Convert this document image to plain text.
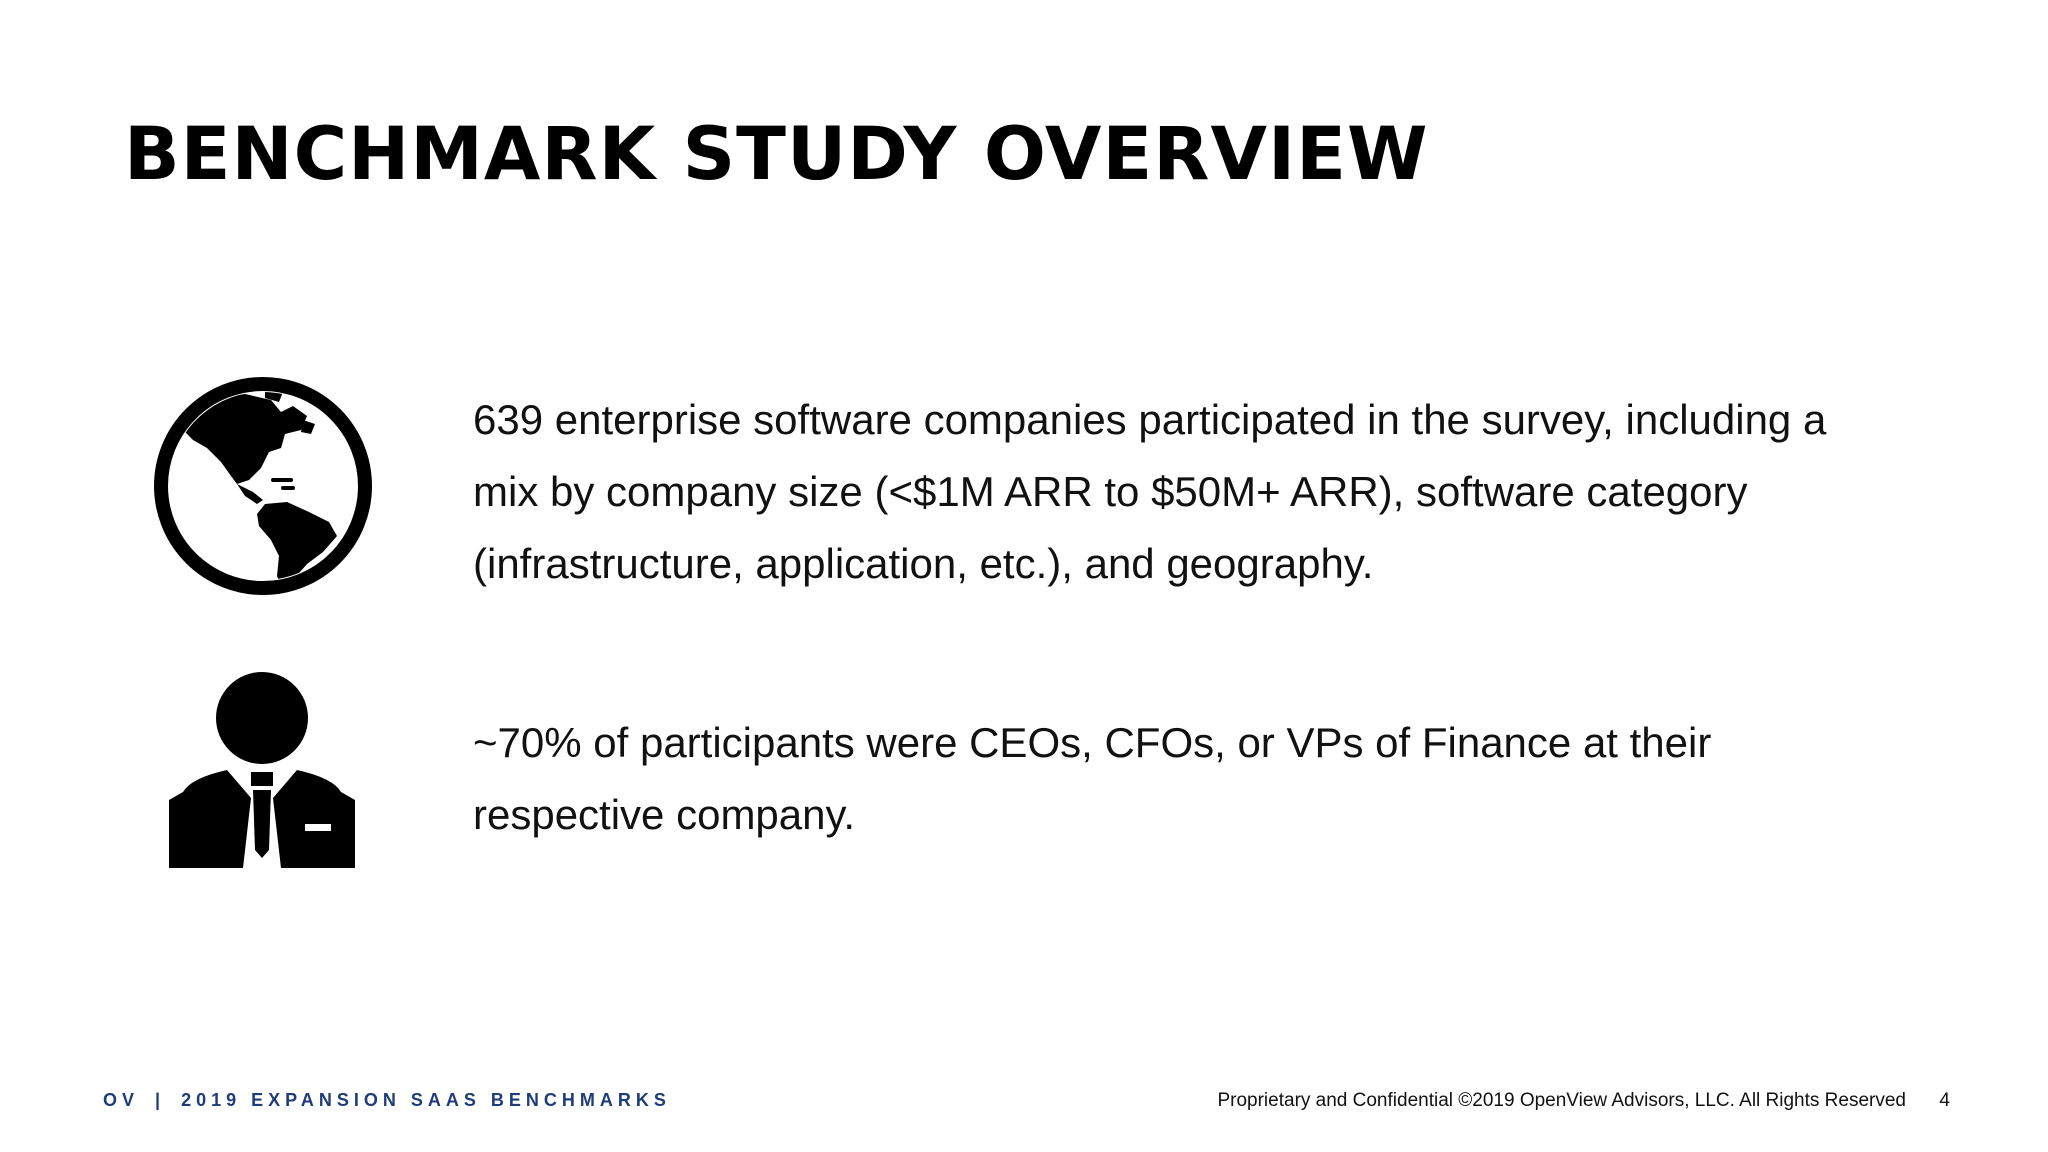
BENCHMARK STUDY OVERVIEW

639 enterprise software companies participated in the survey, including a mix by company size (<$1M ARR to $50M+ ARR), software category (infrastructure, application, etc.), and geography.

~70% of participants were CEOs, CFOs, or VPs of Finance at their respective company.

OV | 2019 EXPANSION SAAS BENCHMARKS	Proprietary and Confidential ©2019 OpenView Advisors, LLC. All Rights Reserved 4
